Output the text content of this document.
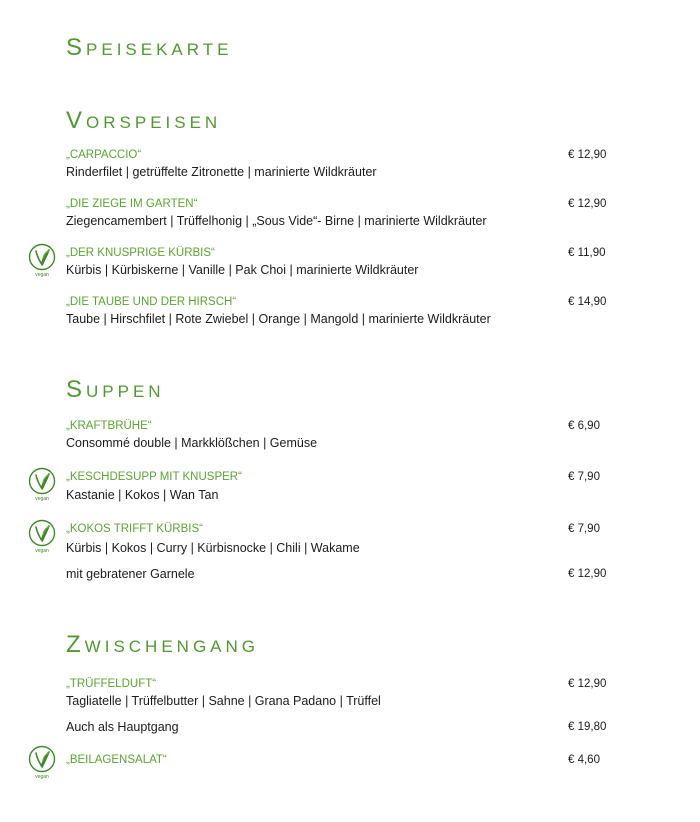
SPEISEKARTE
VORSPEISEN
„CARPACCIO“
Rinderfilet | getrüffelte Zitronette | marinierte Wildkräuter
€ 12,90
„DIE ZIEGE IM GARTEN“
Ziegencamembert | Trüffelhonig | „Sous Vide“- Birne | marinierte Wildkräuter
€ 12,90
vegan
„DER KNUSPRIGE KÜRBIS“
Kürbis | Kürbiskerne | Vanille | Pak Choi | marinierte Wildkräuter
€ 11,90
„DIE TAUBE UND DER HIRSCH“
Taube | Hirschfilet | Rote Zwiebel | Orange | Mangold | marinierte Wildkräuter
€ 14,90
SUPPEN
„KRAFTBRÜHE“
Consommé double | Markklößchen | Gemüse
€ 6,90
vegan
„KESCHDESUPP MIT KNUSPER“
Kastanie | Kokos | Wan Tan
€ 7,90
vegan
„KOKOS TRIFFT KÜRBIS“
Kürbis | Kokos | Curry | Kürbisnocke | Chili | Wakame
€ 7,90
mit gebratener Garnele	€ 12,90
ZWISCHENGANG
„TRÜFFELDUFT“
Tagliatelle | Trüffelbutter | Sahne | Grana Padano | Trüffel
€ 12,90
Auch als Hauptgang	€ 19,80
vegan
„BEILAGENSALAT“	€ 4,60
